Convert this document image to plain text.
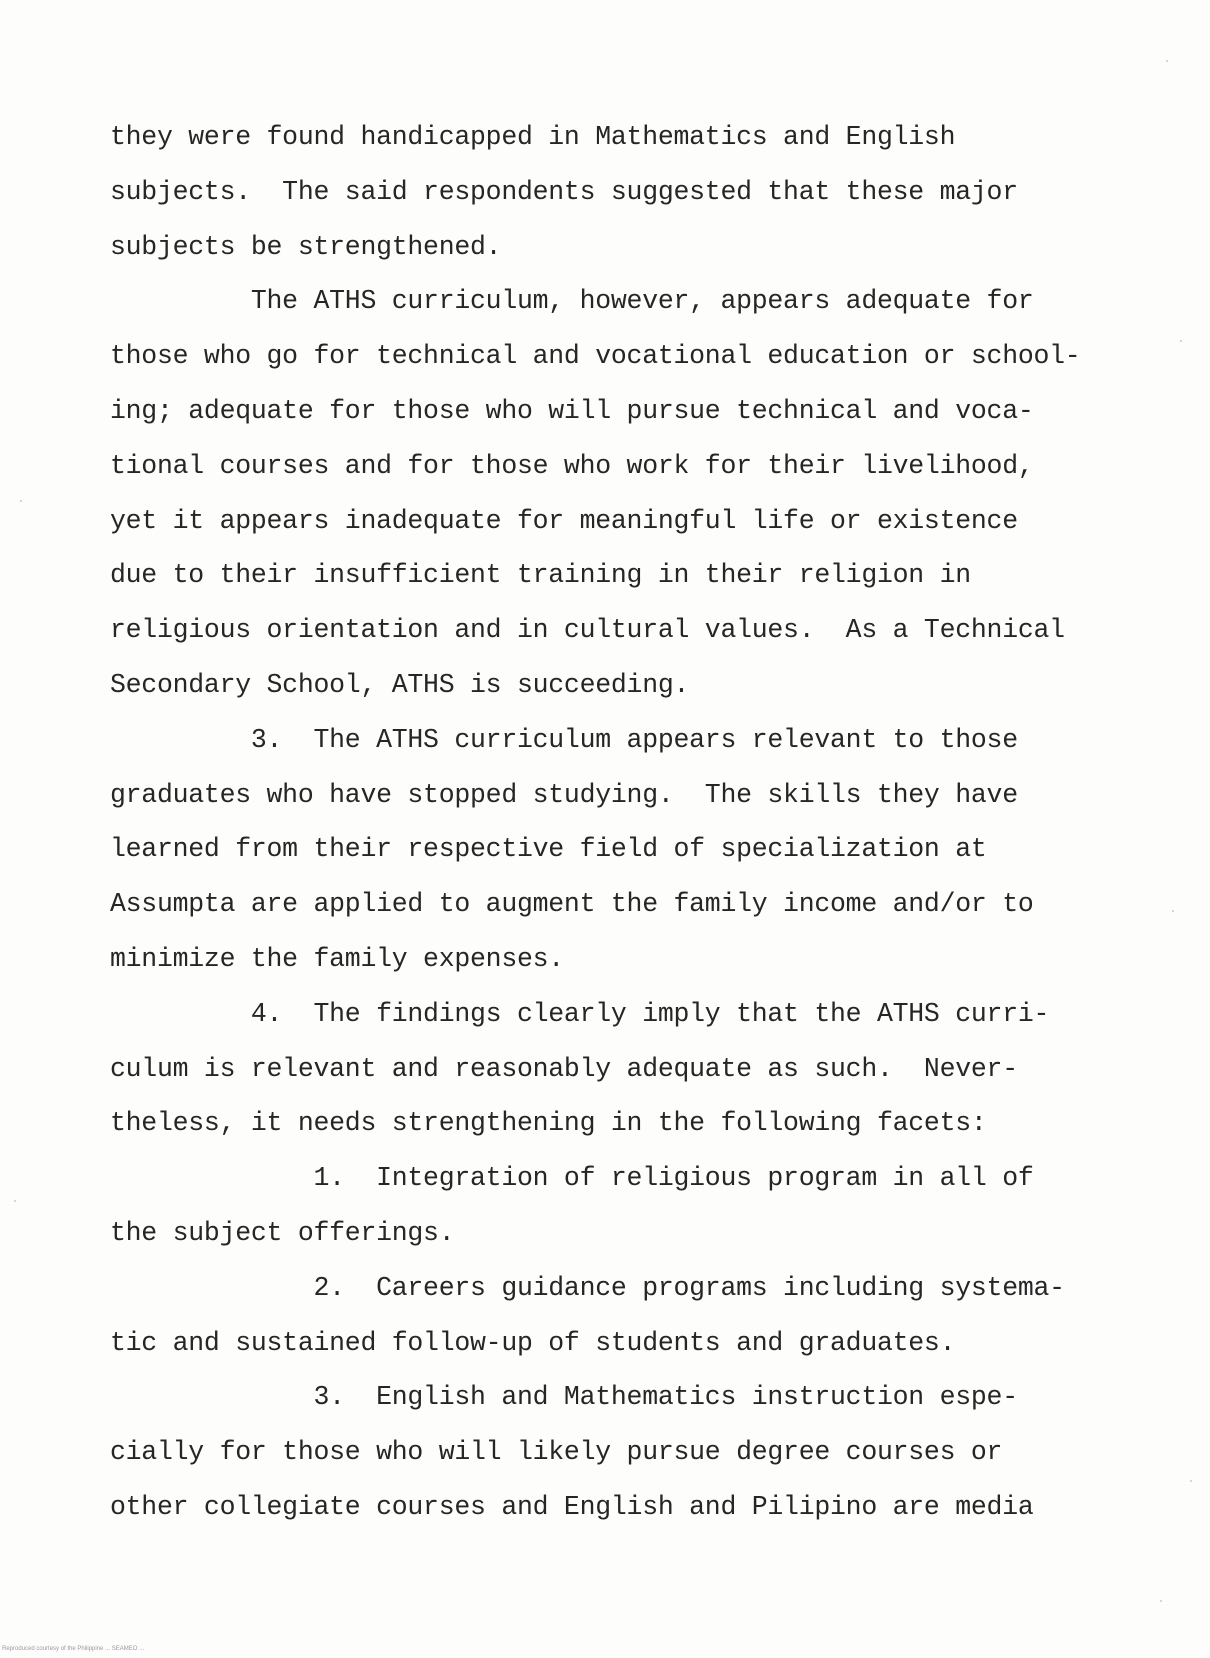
they were found handicapped in Mathematics and English
subjects.  The said respondents suggested that these major
subjects be strengthened.
The ATHS curriculum, however, appears adequate for
those who go for technical and vocational education or school-
ing; adequate for those who will pursue technical and voca-
tional courses and for those who work for their livelihood,
yet it appears inadequate for meaningful life or existence
due to their insufficient training in their religion in
religious orientation and in cultural values.  As a Technical
Secondary School, ATHS is succeeding.
3.  The ATHS curriculum appears relevant to those
graduates who have stopped studying.  The skills they have
learned from their respective field of specialization at
Assumpta are applied to augment the family income and/or to
minimize the family expenses.
4.  The findings clearly imply that the ATHS curri-
culum is relevant and reasonably adequate as such.  Never-
theless, it needs strengthening in the following facets:
1.  Integration of religious program in all of
the subject offerings.
2.  Careers guidance programs including systema-
tic and sustained follow-up of students and graduates.
3.  English and Mathematics instruction espe-
cially for those who will likely pursue degree courses or
other collegiate courses and English and Pilipino are media
Reproduced courtesy of the Philippine ... SEAMEO ...
